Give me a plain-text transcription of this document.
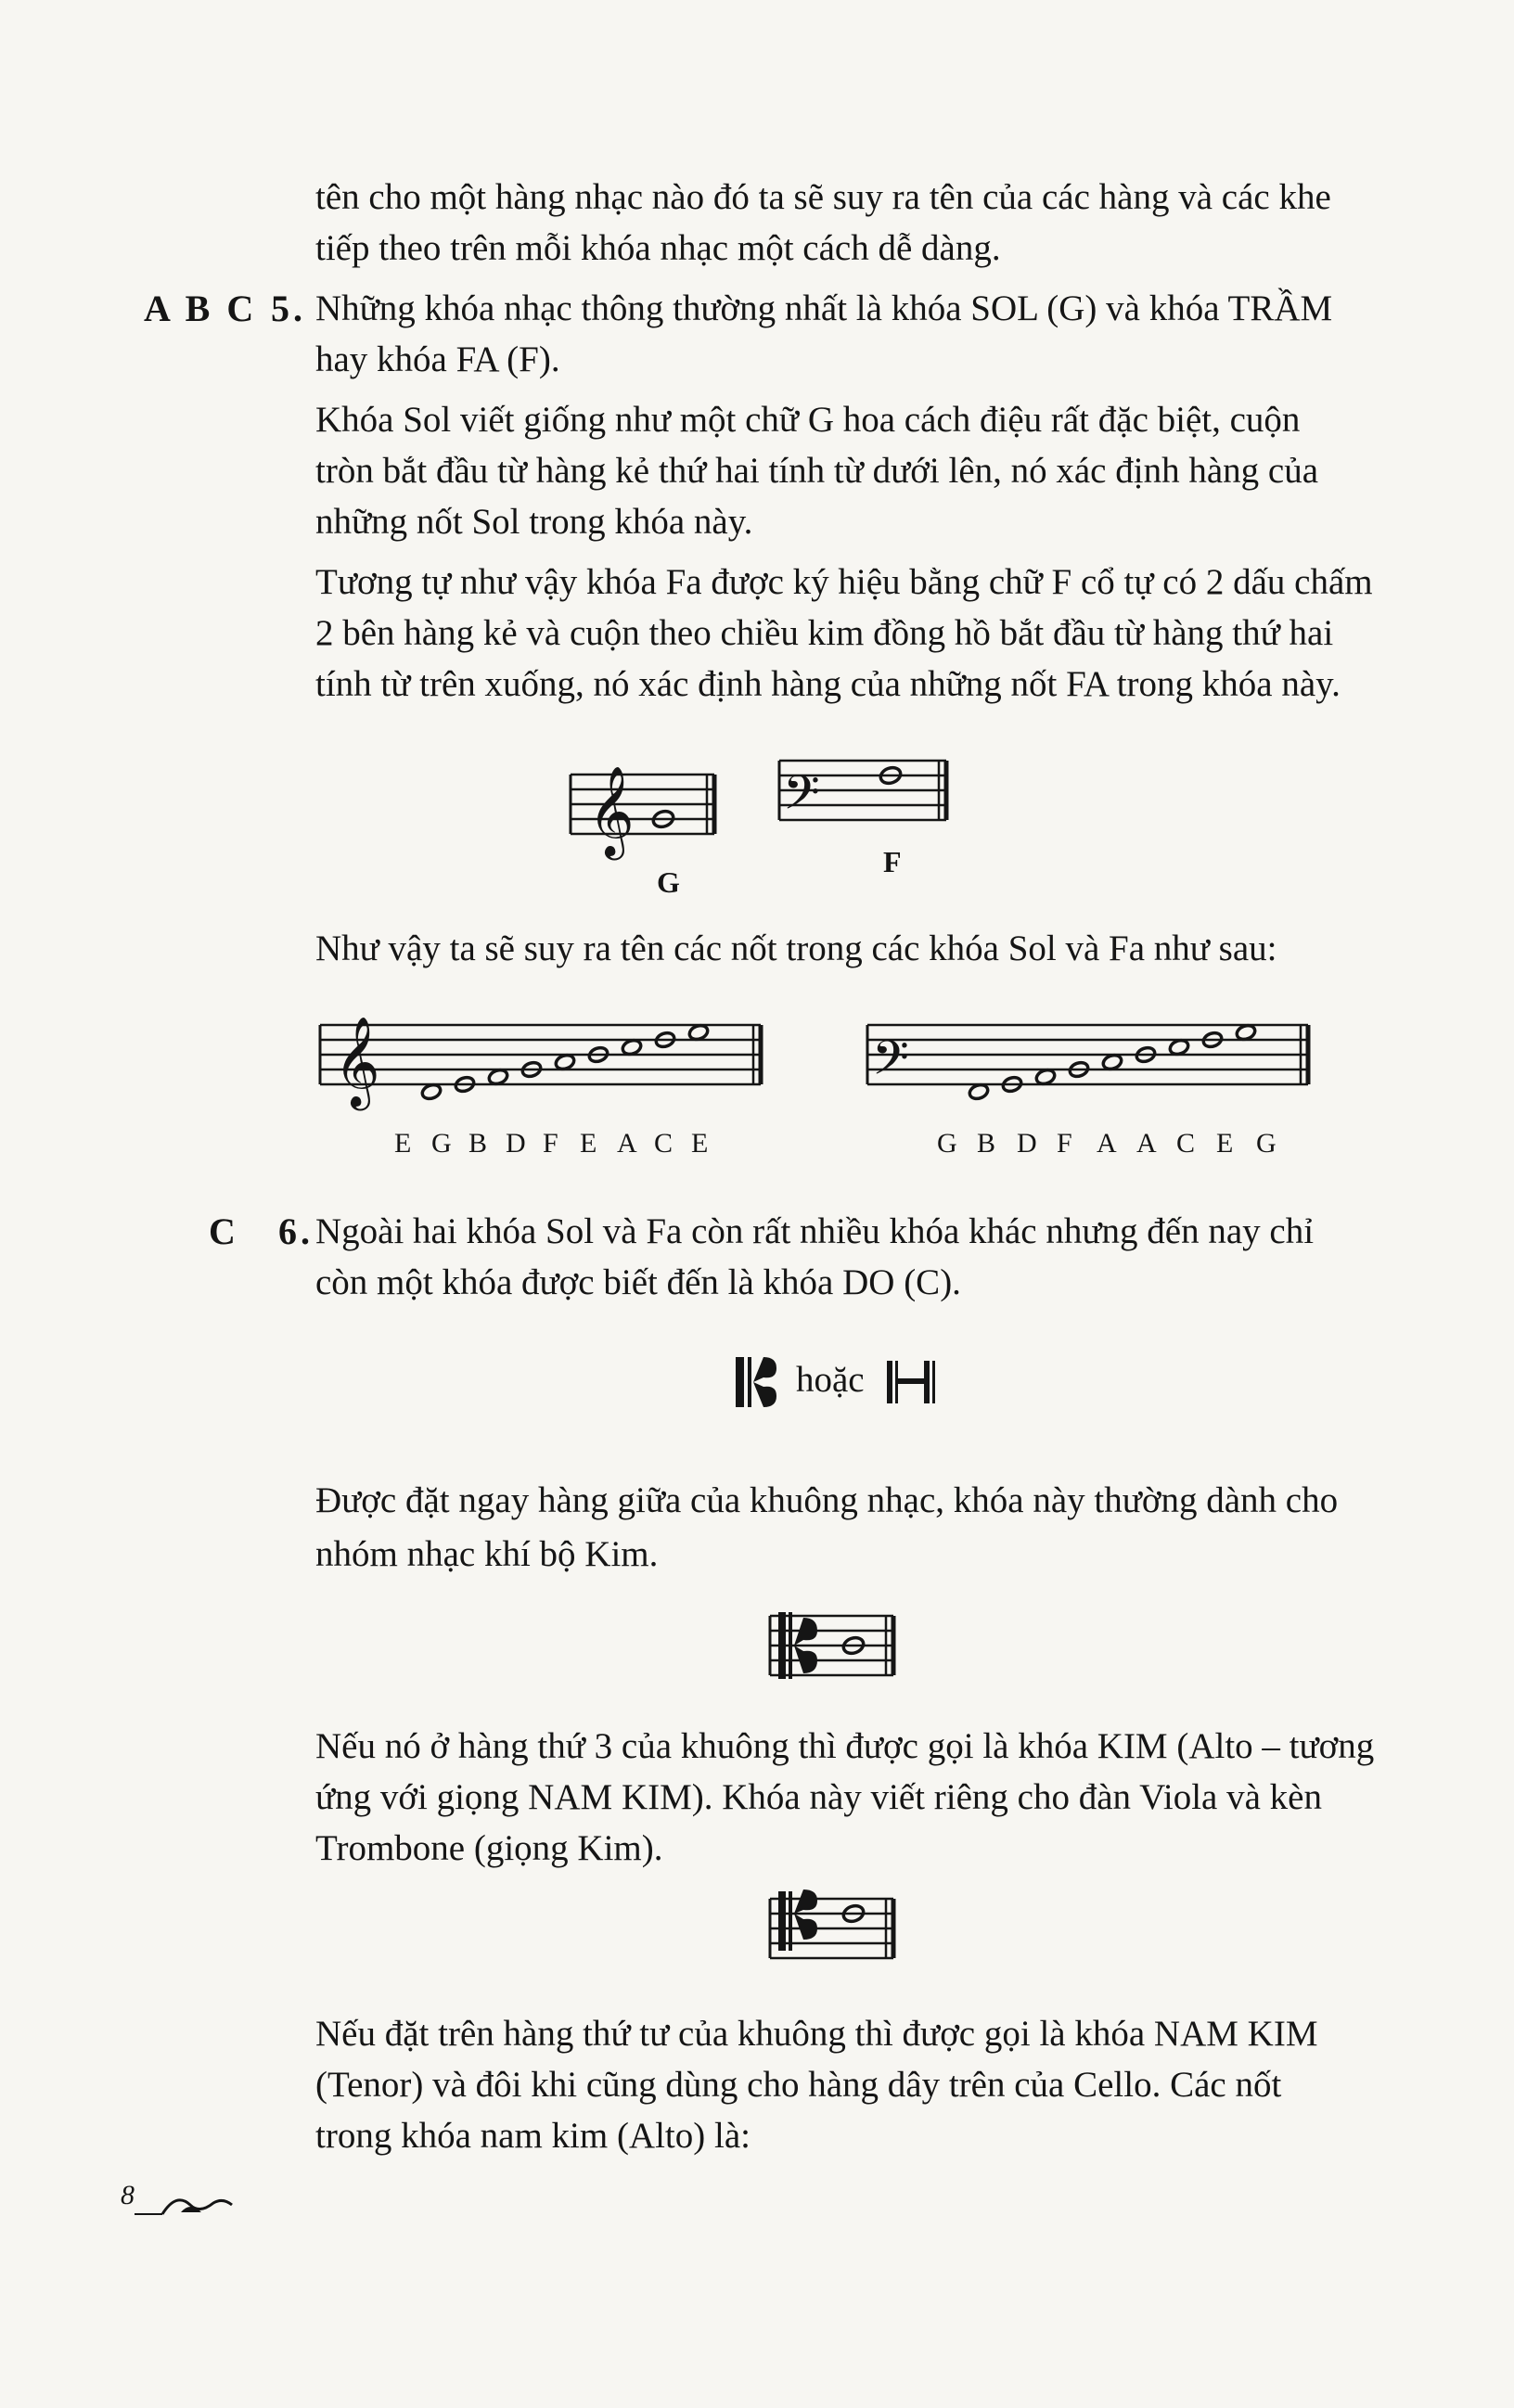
tên cho một hàng nhạc nào đó ta sẽ suy ra tên của các hàng và các khe

tiếp theo trên mỗi khóa nhạc một cách dễ dàng.

A B C 5. Những khóa nhạc thông thường nhất là khóa SOL (G) và khóa TRẦM

hay khóa FA (F).

Khóa Sol viết giống như một chữ G hoa cách điệu rất đặc biệt, cuộn

tròn bắt đầu từ hàng kẻ thứ hai tính từ dưới lên, nó xác định hàng của

những nốt Sol trong khóa này.

Tương tự như vậy khóa Fa được ký hiệu bằng chữ F cổ tự có 2 dấu chấm

2 bên hàng kẻ và cuộn theo chiều kim đồng hồ bắt đầu từ hàng thứ hai

tính từ trên xuống, nó xác định hàng của những nốt FA trong khóa này.

𝄞
G
𝄢
F

Như vậy ta sẽ suy ra tên các nốt trong các khóa Sol và Fa như sau:

𝄞
E G B D F E A C E
𝄢
G B D F A A C E G
C 6. Ngoài hai khóa Sol và Fa còn rất nhiều khóa khác nhưng đến nay chỉ

còn một khóa được biết đến là khóa DO (C).

hoặc

Được đặt ngay hàng giữa của khuông nhạc, khóa này thường dành cho

nhóm nhạc khí bộ Kim.

Nếu nó ở hàng thứ 3 của khuông thì được gọi là khóa KIM (Alto – tương

ứng với giọng NAM KIM). Khóa này viết riêng cho đàn Viola và kèn

Trombone (giọng Kim).

Nếu đặt trên hàng thứ tư của khuông thì được gọi là khóa NAM KIM

(Tenor) và đôi khi cũng dùng cho hàng dây trên của Cello. Các nốt

trong khóa nam kim (Alto) là:

8
